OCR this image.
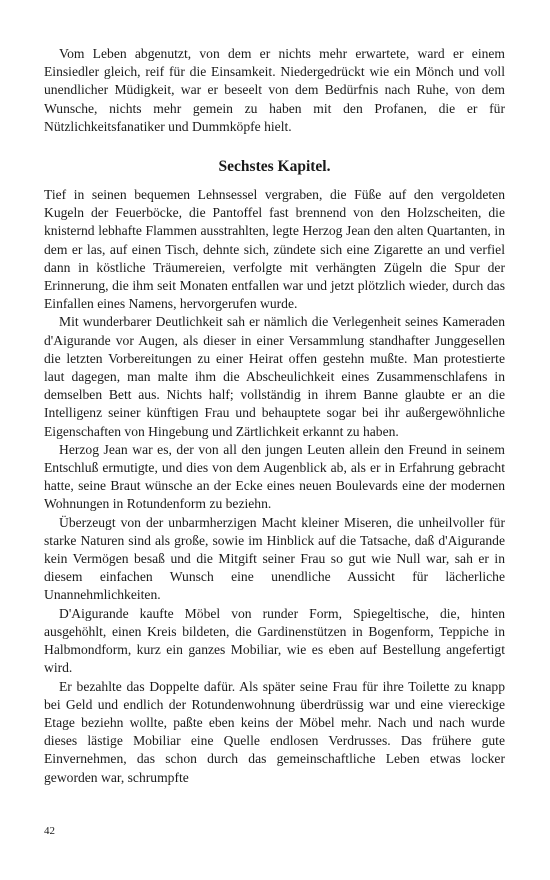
Vom Leben abgenutzt, von dem er nichts mehr erwartete, ward er einem Einsiedler gleich, reif für die Einsamkeit. Niedergedrückt wie ein Mönch und voll unendlicher Müdigkeit, war er beseelt von dem Bedürfnis nach Ruhe, von dem Wunsche, nichts mehr gemein zu haben mit den Profanen, die er für Nützlichkeitsfanatiker und Dummköpfe hielt.

Sechstes Kapitel.

Tief in seinen bequemen Lehnsessel vergraben, die Füße auf den vergoldeten Kugeln der Feuerböcke, die Pantoffel fast brennend von den Holzscheiten, die knisternd lebhafte Flammen ausstrahlten, legte Herzog Jean den alten Quartanten, in dem er las, auf einen Tisch, dehnte sich, zündete sich eine Zigarette an und verfiel dann in köstliche Träumereien, verfolgte mit verhängten Zügeln die Spur der Erinnerung, die ihm seit Monaten entfallen war und jetzt plötzlich wieder, durch das Einfallen eines Namens, hervorgerufen wurde.

Mit wunderbarer Deutlichkeit sah er nämlich die Verlegenheit seines Kameraden d'Aigurande vor Augen, als dieser in einer Versammlung standhafter Junggesellen die letzten Vorbereitungen zu einer Heirat offen gestehn mußte. Man protestierte laut dagegen, man malte ihm die Abscheulichkeit eines Zusammenschlafens in demselben Bett aus. Nichts half; vollständig in ihrem Banne glaubte er an die Intelligenz seiner künftigen Frau und behauptete sogar bei ihr außergewöhnliche Eigenschaften von Hingebung und Zärtlichkeit erkannt zu haben.

Herzog Jean war es, der von all den jungen Leuten allein den Freund in seinem Entschluß ermutigte, und dies von dem Augenblick ab, als er in Erfahrung gebracht hatte, seine Braut wünsche an der Ecke eines neuen Boulevards eine der modernen Wohnungen in Rotundenform zu beziehn.

Überzeugt von der unbarmherzigen Macht kleiner Miseren, die unheilvoller für starke Naturen sind als große, sowie im Hinblick auf die Tatsache, daß d'Aigurande kein Vermögen besaß und die Mitgift seiner Frau so gut wie Null war, sah er in diesem einfachen Wunsch eine unendliche Aussicht für lächerliche Unannehmlichkeiten.

D'Aigurande kaufte Möbel von runder Form, Spiegeltische, die, hinten ausgehöhlt, einen Kreis bildeten, die Gardinenstützen in Bogenform, Teppiche in Halbmondform, kurz ein ganzes Mobiliar, wie es eben auf Bestellung angefertigt wird.

Er bezahlte das Doppelte dafür. Als später seine Frau für ihre Toilette zu knapp bei Geld und endlich der Rotundenwohnung überdrüssig war und eine viereckige Etage beziehn wollte, paßte eben keins der Möbel mehr. Nach und nach wurde dieses lästige Mobiliar eine Quelle endlosen Verdrusses. Das frühere gute Einvernehmen, das schon durch das gemeinschaftliche Leben etwas locker geworden war, schrumpfte

42
